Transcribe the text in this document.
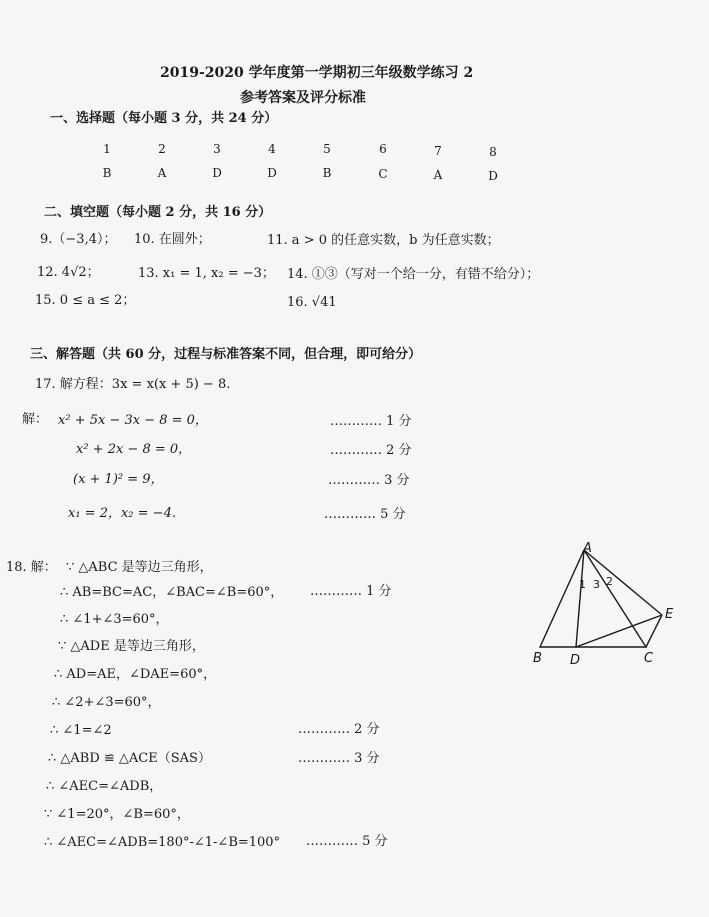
2019-2020 学年度第一学期初三年级数学练习 2
参考答案及评分标准
一、选择题（每小题 3 分，共 24 分）
1	2	3	4	5	6	7	8
B	A	D	D	B	C	A	D
二、填空题（每小题 2 分，共 16 分）
9.（−3,4）； 10. 在圆外；	11. a > 0 的任意实数，b 为任意实数；
12. 4√2；	13. x₁ = 1, x₂ = −3； 14. ①③（写对一个给一分，有错不给分）；
15. 0 ≤ a ≤ 2；	16. √41
三、解答题（共 60 分，过程与标准答案不同，但合理，即可给分）
17. 解方程：3x = x(x + 5) − 8.
解： x² + 5x − 3x − 8 = 0，	………… 1 分
x² + 2x − 8 = 0，	………… 2 分
(x + 1)² = 9，	………… 3 分
x₁ = 2，x₂ = −4.	………… 5 分
18. 解： ∵ △ABC 是等边三角形，
∴ AB=BC=AC，∠BAC=∠B=60°， ………… 1 分
∴ ∠1+∠3=60°，
∵ △ADE 是等边三角形，
∴ AD=AE，∠DAE=60°，
∴ ∠2+∠3=60°，
∴ ∠1=∠2	………… 2 分
∴ △ABD ≌ △ACE（SAS）	………… 3 分
∴ ∠AEC=∠ADB，
∵ ∠1=20°，∠B=60°，
∴ ∠AEC=∠ADB=180°-∠1-∠B=100° ………… 5 分
A
B	C
D
E
1 3 2
